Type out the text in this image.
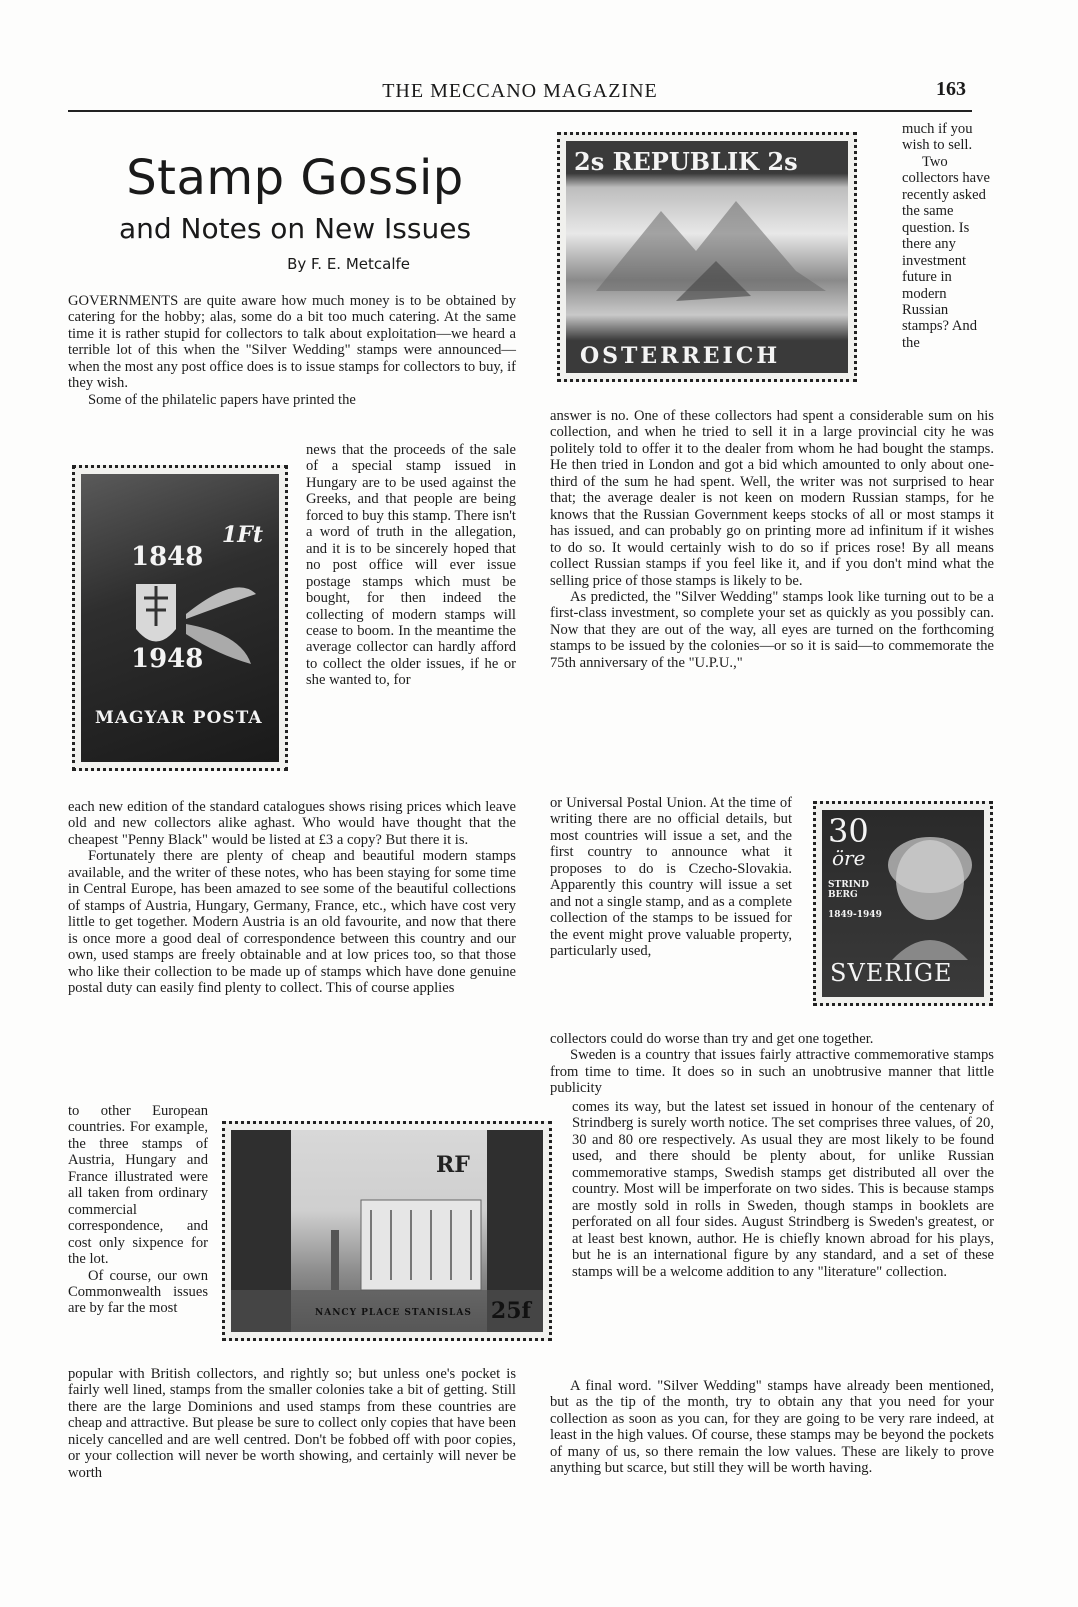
THE MECCANO MAGAZINE	163
Stamp Gossip
and Notes on New Issues
By F. E. Metcalfe

GOVERNMENTS are quite aware how much money is to be obtained by catering for the hobby; alas, some do a bit too much catering. At the same time it is rather stupid for collectors to talk about exploitation—we heard a terrible lot of this when the "Silver Wedding" stamps were announced—when the most any post office does is to issue stamps for collectors to buy, if they wish.

Some of the philatelic papers have printed the

news that the proceeds of the sale of a special stamp issued in Hungary are to be used against the Greeks, and that people are being forced to buy this stamp. There isn't a word of truth in the allegation, and it is to be sincerely hoped that no post office will ever issue postage stamps which must be bought, for then indeed the collecting of modern stamps will cease to boom. In the meantime the average collector can hardly afford to collect the older issues, if he or she wanted to, for

each new edition of the standard catalogues shows rising prices which leave old and new collectors alike aghast. Who would have thought that the cheapest "Penny Black" would be listed at £3 a copy? But there it is.

Fortunately there are plenty of cheap and beautiful modern stamps available, and the writer of these notes, who has been staying for some time in Central Europe, has been amazed to see some of the beautiful collections of stamps of Austria, Hungary, Germany, France, etc., which have cost very little to get together. Modern Austria is an old favourite, and now that there is once more a good deal of correspondence between this country and our own, used stamps are freely obtainable and at low prices too, so that those who like their collection to be made up of stamps which have done genuine postal duty can easily find plenty to collect. This of course applies

to other European countries. For example, the three stamps of Austria, Hungary and France illustrated were all taken from ordinary commercial correspondence, and cost only sixpence for the lot.

Of course, our own Commonwealth issues are by far the most

popular with British collectors, and rightly so; but unless one's pocket is fairly well lined, stamps from the smaller colonies take a bit of getting. Still there are the large Dominions and used stamps from these countries are cheap and attractive. But please be sure to collect only copies that have been nicely cancelled and are well centred. Don't be fobbed off with poor copies, or your collection will never be worth showing, and certainly will never be worth

much if you wish to sell.

Two collectors have recently asked the same question. Is there any investment future in modern Russian stamps? And the

answer is no. One of these collectors had spent a considerable sum on his collection, and when he tried to sell it in a large provincial city he was politely told to offer it to the dealer from whom he had bought the stamps. He then tried in London and got a bid which amounted to only about one-third of the sum he had spent. Well, the writer was not surprised to hear that; the average dealer is not keen on modern Russian stamps, for he knows that the Russian Government keeps stocks of all or most stamps it has issued, and can probably go on printing more ad infinitum if it wishes to do so. It would certainly wish to do so if prices rose! By all means collect Russian stamps if you feel like it, and if you don't mind what the selling price of those stamps is likely to be.

As predicted, the "Silver Wedding" stamps look like turning out to be a first-class investment, so complete your set as quickly as you possibly can. Now that they are out of the way, all eyes are turned on the forthcoming stamps to be issued by the colonies—or so it is said—to commemorate the 75th anniversary of the "U.P.U.,"

or Universal Postal Union. At the time of writing there are no official details, but most countries will issue a set, and the first country to announce what it proposes to do is Czecho-Slovakia. Apparently this country will issue a set and not a single stamp, and as a complete collection of the stamps to be issued for the event might prove valuable property, particularly used,

collectors could do worse than try and get one together.

Sweden is a country that issues fairly attractive commemorative stamps from time to time. It does so in such an unobtrusive manner that little publicity

comes its way, but the latest set issued in honour of the centenary of Strindberg is surely worth notice. The set comprises three values, of 20, 30 and 80 ore respectively. As usual they are most likely to be found used, and there should be plenty about, for unlike Russian commemorative stamps, Swedish stamps get distributed all over the country. Most will be imperforate on two sides. This is because stamps are mostly sold in rolls in Sweden, though stamps in booklets are perforated on all four sides. August Strindberg is Sweden's greatest, or at least best known, author. He is chiefly known abroad for his plays, but he is an international figure by any standard, and a set of these stamps will be a welcome addition to any "literature" collection.

A final word. "Silver Wedding" stamps have already been mentioned, but as the tip of the month, try to obtain any that you need for your collection as soon as you can, for they are going to be very rare indeed, at least in the high values. Of course, these stamps may be beyond the pockets of many of us, so there remain the low values. These are likely to prove anything but scarce, but still they will be worth having.

2s REPUBLIK 2s
OSTERREICH
1Ft
1848
1948
MAGYAR POSTA
30
öre
STRIND BERG
1849-1949
SVERIGE
RF
NANCY PLACE STANISLAS 25f
